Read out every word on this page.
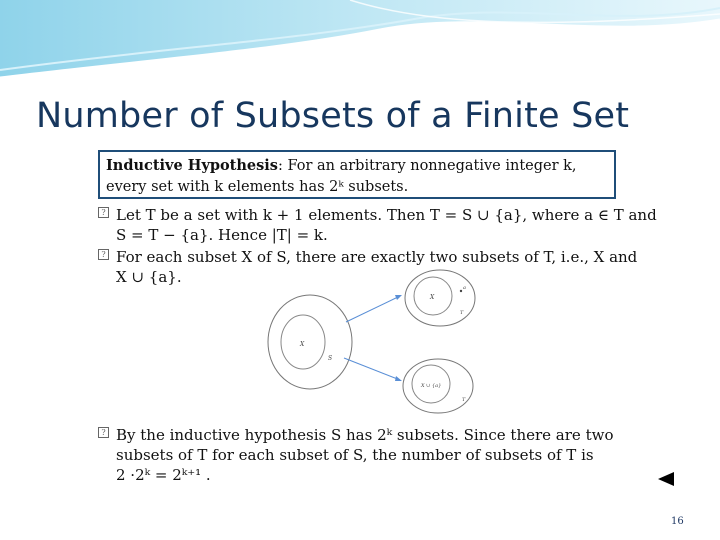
Number of Subsets of a Finite Set
Inductive Hypothesis: For an arbitrary nonnegative integer k,
every set with k elements has 2ᵏ subsets.
? Let T be a set with k + 1 elements. Then T = S ∪ {a}, where a ∈ T and
S = T − {a}. Hence |T| = k.
? For each subset X of S, there are exactly two subsets of T, i.e., X and
X ∪ {a}.
X
S
X
a
T
X ∪ {a}
T
? By the inductive hypothesis S has 2ᵏ subsets. Since there are two
subsets of T for each subset of S, the number of subsets of T is
2 ·2ᵏ = 2ᵏ⁺¹ .
16
